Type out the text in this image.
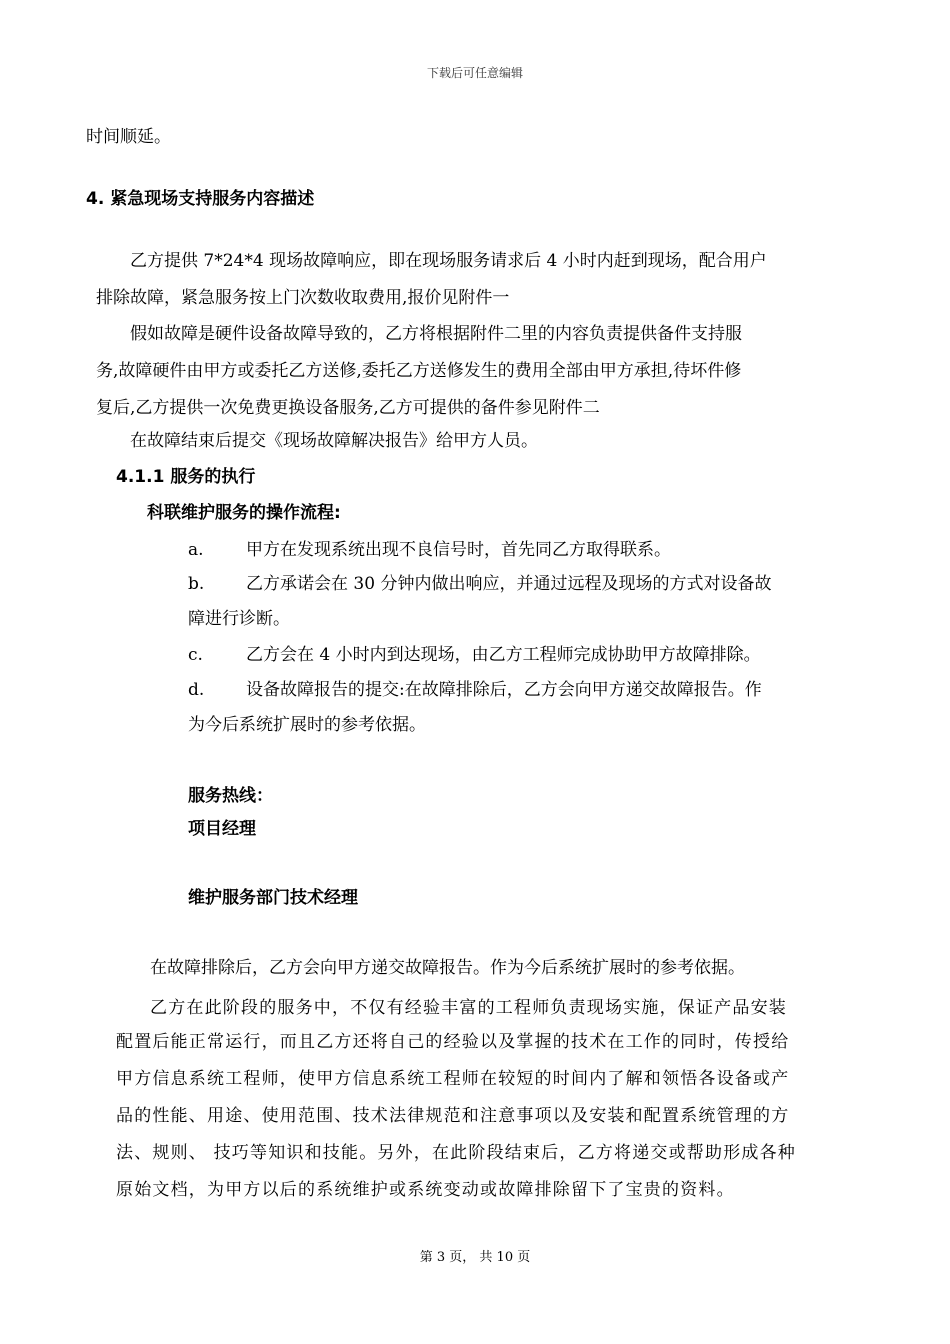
下载后可任意编辑
时间顺延。
4. 紧急现场支持服务内容描述
乙方提供 7*24*4 现场故障响应，即在现场服务请求后 4 小时内赶到现场，配合用户
排除故障，紧急服务按上门次数收取费用,报价见附件一
假如故障是硬件设备故障导致的，乙方将根据附件二里的内容负责提供备件支持服
务,故障硬件由甲方或委托乙方送修,委托乙方送修发生的费用全部由甲方承担,待坏件修
复后,乙方提供一次免费更换设备服务,乙方可提供的备件参见附件二
在故障结束后提交《现场故障解决报告》给甲方人员。
4.1.1 服务的执行
科联维护服务的操作流程:
a. 甲方在发现系统出现不良信号时，首先同乙方取得联系。
b. 乙方承诺会在 30 分钟内做出响应，并通过远程及现场的方式对设备故
障进行诊断。
c.	乙方会在 4 小时内到达现场，由乙方工程师完成协助甲方故障排除。
d. 设备故障报告的提交:在故障排除后，乙方会向甲方递交故障报告。作
为今后系统扩展时的参考依据。
服务热线：
项目经理
维护服务部门技术经理
在故障排除后，乙方会向甲方递交故障报告。作为今后系统扩展时的参考依据。
乙方在此阶段的服务中，不仅有经验丰富的工程师负责现场实施，保证产品安装
配置后能正常运行，而且乙方还将自己的经验以及掌握的技术在工作的同时，传授给
甲方信息系统工程师，使甲方信息系统工程师在较短的时间内了解和领悟各设备或产
品的性能、用途、使用范围、技术法律规范和注意事项以及安装和配置系统管理的方
法、规则、 技巧等知识和技能。另外，在此阶段结束后，乙方将递交或帮助形成各种
原始文档，为甲方以后的系统维护或系统变动或故障排除留下了宝贵的资料。
第 3 页， 共 10 页
